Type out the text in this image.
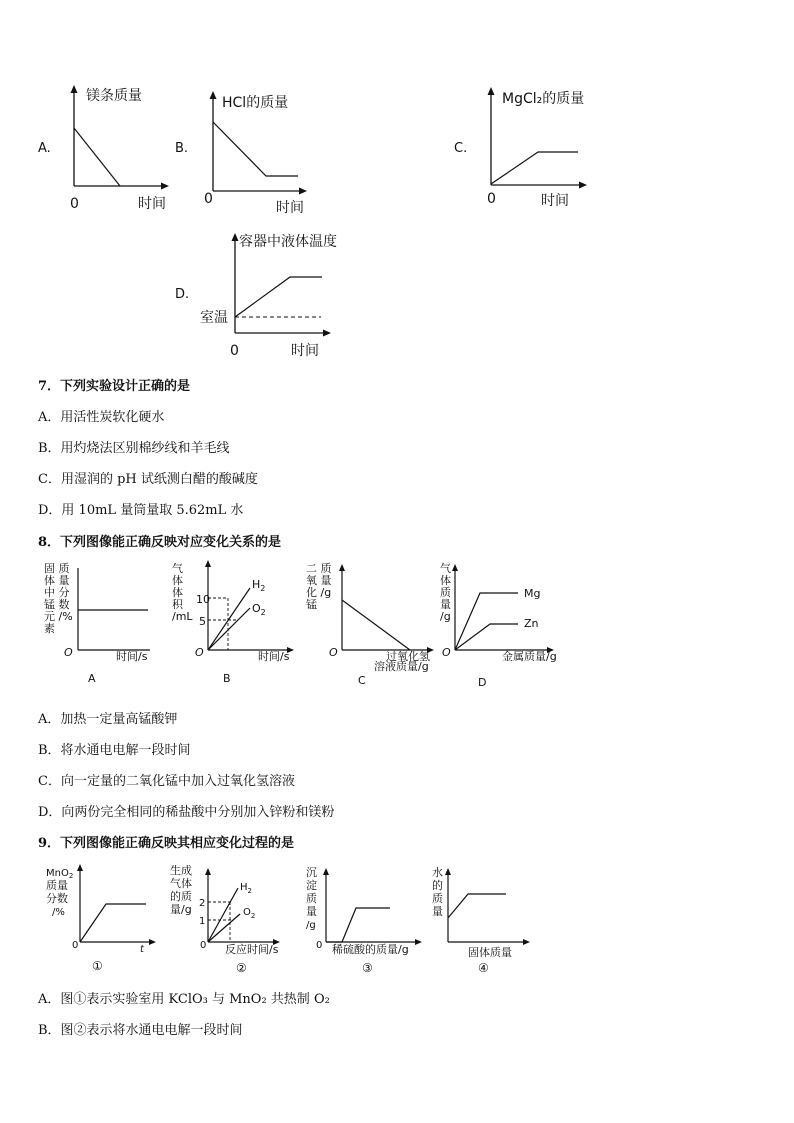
A.
镁条质量
0	时间
B.
HCl的质量
0
时间
C.
MgCl₂的质量
0	时间
D.
容器中液体温度
室温
0	时间
7．下列实验设计正确的是
A．用活性炭软化硬水
B．用灼烧法区别棉纱线和羊毛线
C．用湿润的 pH 试纸测白醋的酸碱度
D．用 10mL 量筒量取 5.62mL 水
8．下列图像能正确反映对应变化关系的是
固 质
体 量
中 分
锰 数
元 /%
素
O	时间/s
A
气
体
体
积
/mL
10
5
$H_2$
$O_2$
O	时间/s
B
二 质
氧 量
化 /g
锰
O	过氧化氢
溶液质量/g
C
气
体
质
量
/g
Mg
Zn
O	金属质量/g
D
A．加热一定量高锰酸钾
B．将水通电电解一段时间
C．向一定量的二氧化锰中加入过氧化氢溶液
D．向两份完全相同的稀盐酸中分别加入锌粉和镁粉
9．下列图像能正确反映其相应变化过程的是
MnO$_2$
质量
分数
/%
0	t
①
生成
气体
的质
量/g 2
1
$H_2$
$O_2$
0 反应时间/s
②
沉
淀
质
量
/g
0 稀硫酸的质量/g
③
水
的
质
量
固体质量
④
A．图①表示实验室用 KClO₃ 与 MnO₂ 共热制 O₂
B．图②表示将水通电电解一段时间
